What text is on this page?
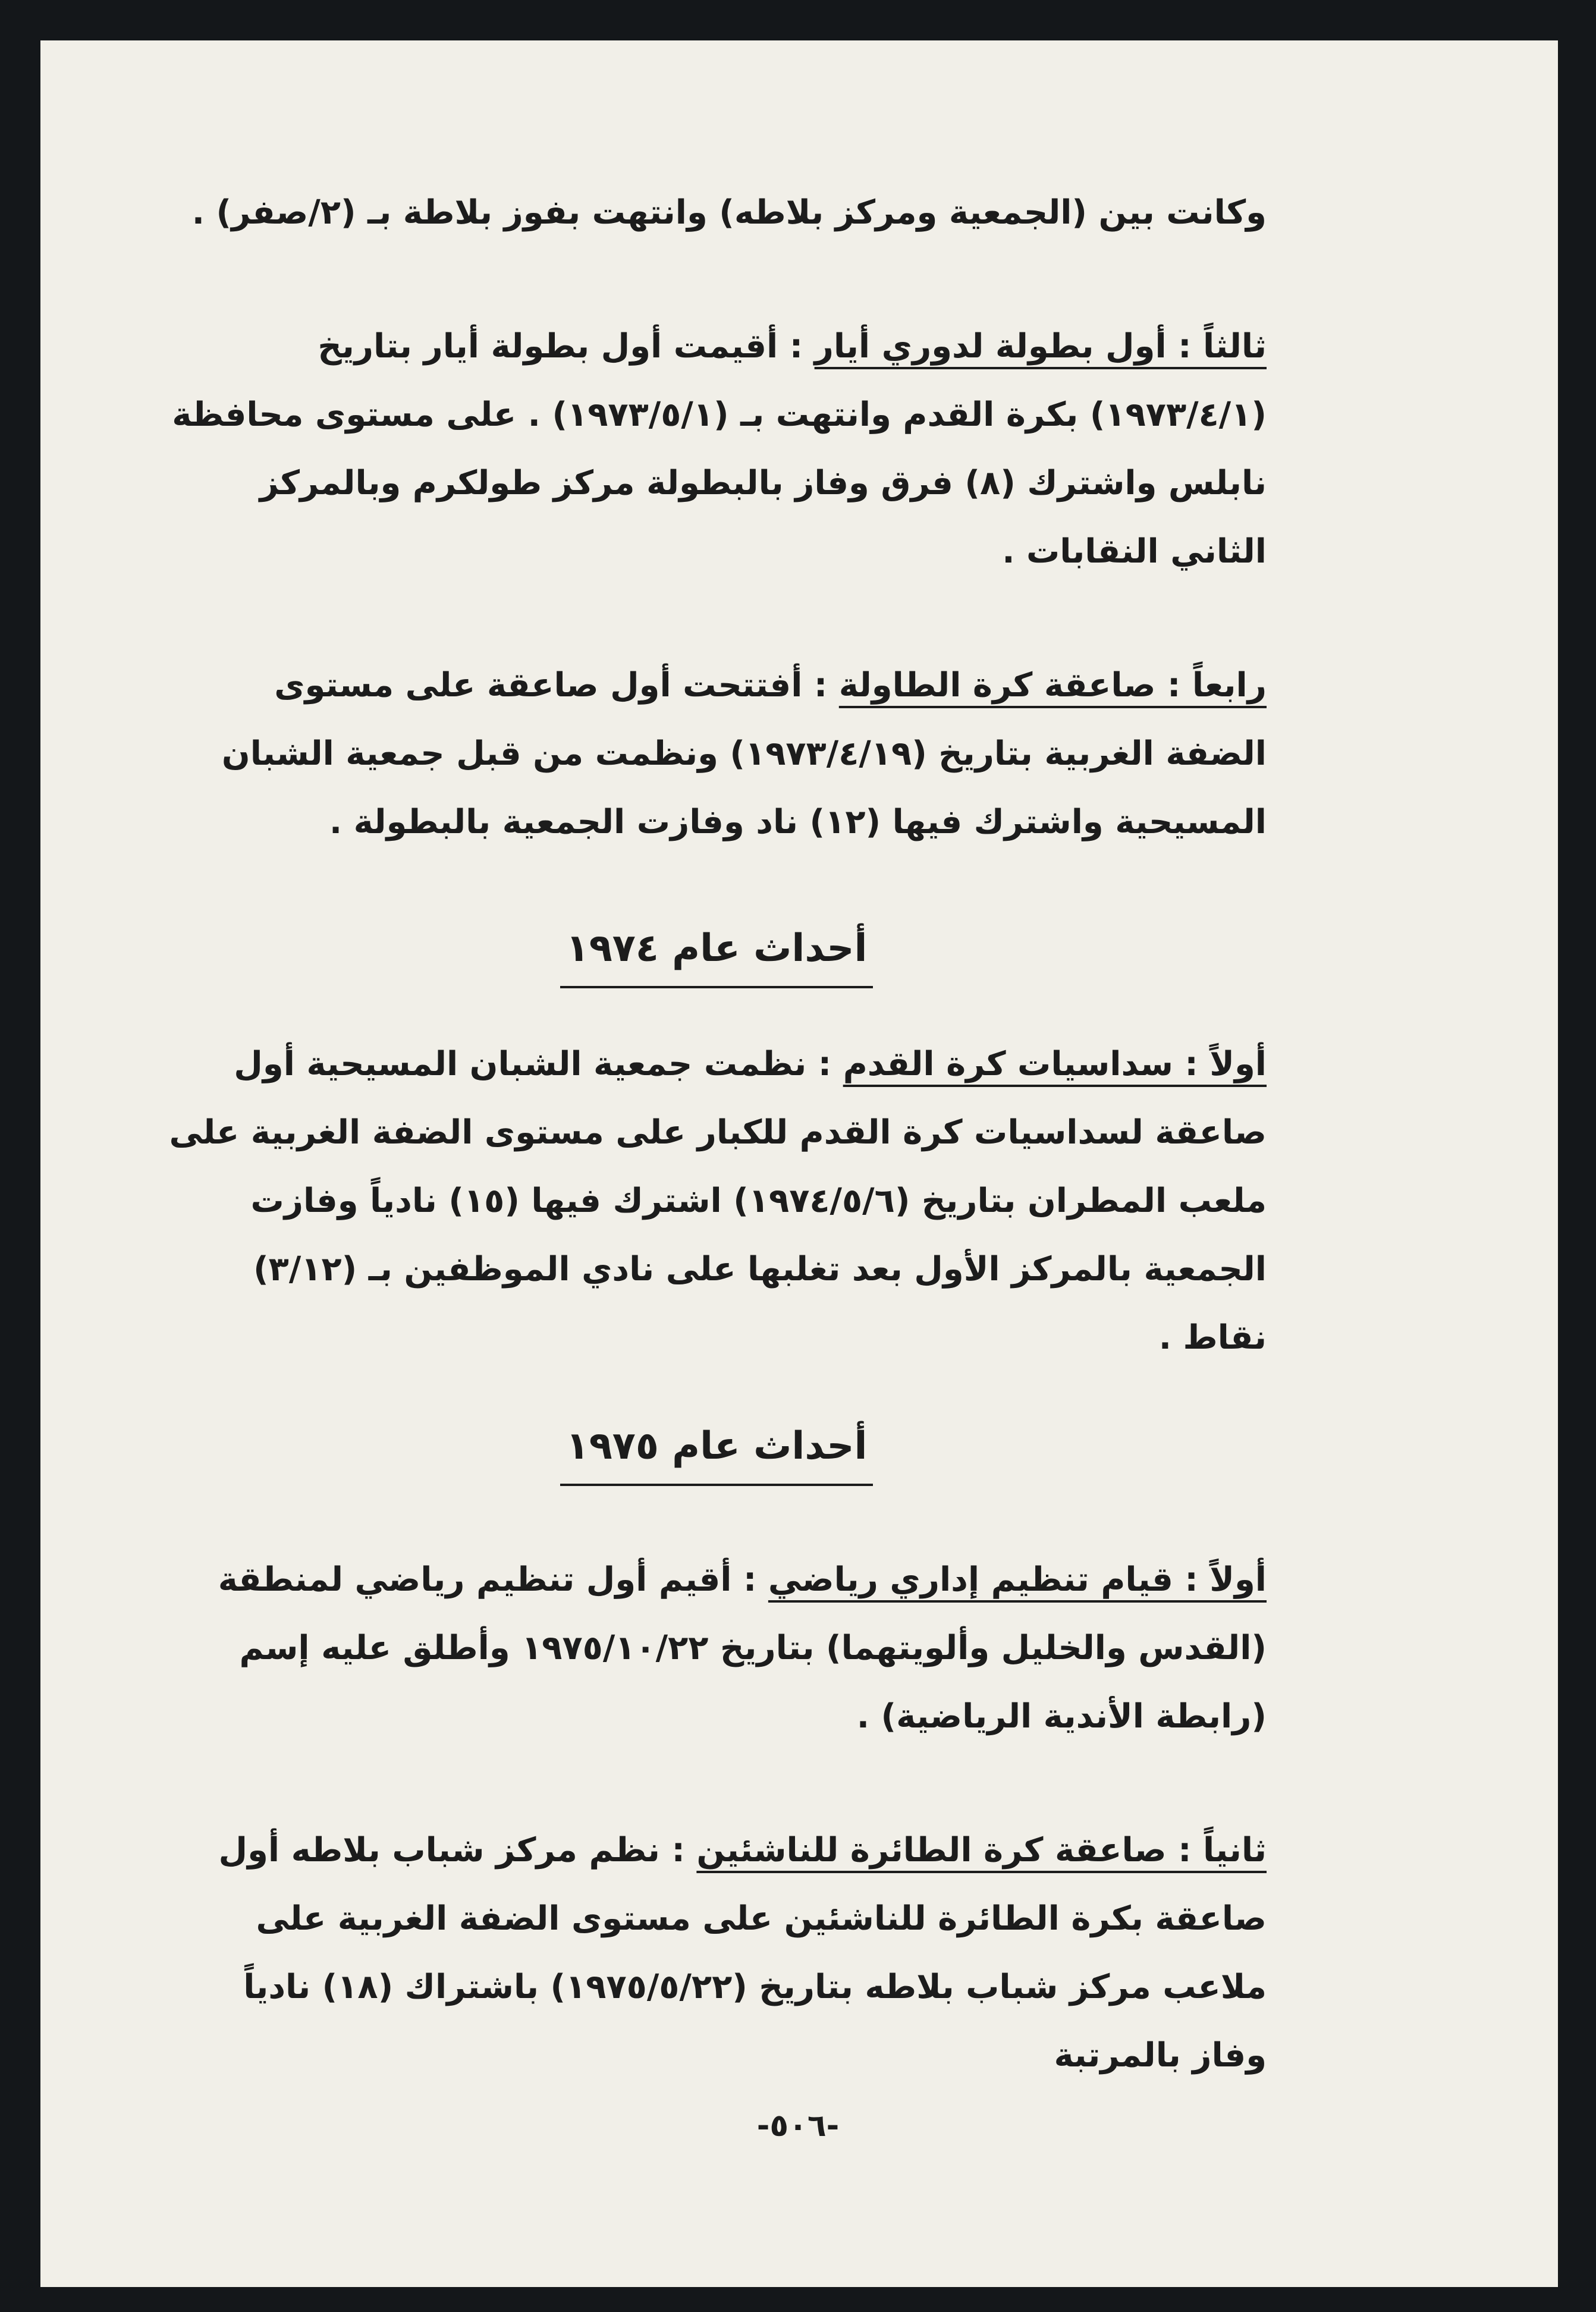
وكانت بين (الجمعية ومركز بلاطه) وانتهت بفوز بلاطة بـ (٢/صفر) .
ثالثاً : أول بطولة لدوري أيار : أقيمت أول بطولة أيار بتاريخ (١٩٧٣/٤/١) بكرة القدم وانتهت بـ (١٩٧٣/٥/١) . على مستوى محافظة نابلس واشترك (٨) فرق وفاز بالبطولة مركز طولكرم وبالمركز الثاني النقابات .
رابعاً : صاعقة كرة الطاولة : أفتتحت أول صاعقة على مستوى الضفة الغربية بتاريخ (١٩٧٣/٤/١٩) ونظمت من قبل جمعية الشبان المسيحية واشترك فيها (١٢) ناد وفازت الجمعية بالبطولة .
أحداث عام ١٩٧٤
أولاً : سداسيات كرة القدم : نظمت جمعية الشبان المسيحية أول صاعقة لسداسيات كرة القدم للكبار على مستوى الضفة الغربية على ملعب المطران بتاريخ (١٩٧٤/٥/٦) اشترك فيها (١٥) نادياً وفازت الجمعية بالمركز الأول بعد تغلبها على نادي الموظفين بـ (٣/١٢) نقاط .
أحداث عام ١٩٧٥
أولاً : قيام تنظيم إداري رياضي : أقيم أول تنظيم رياضي لمنطقة (القدس والخليل وألويتهما) بتاريخ ١٩٧٥/١٠/٢٢ وأطلق عليه إسم (رابطة الأندية الرياضية) .
ثانياً : صاعقة كرة الطائرة للناشئين : نظم مركز شباب بلاطه أول صاعقة بكرة الطائرة للناشئين على مستوى الضفة الغربية على ملاعب مركز شباب بلاطه بتاريخ (١٩٧٥/٥/٢٢) باشتراك (١٨) نادياً وفاز بالمرتبة
-٥٠٦-
